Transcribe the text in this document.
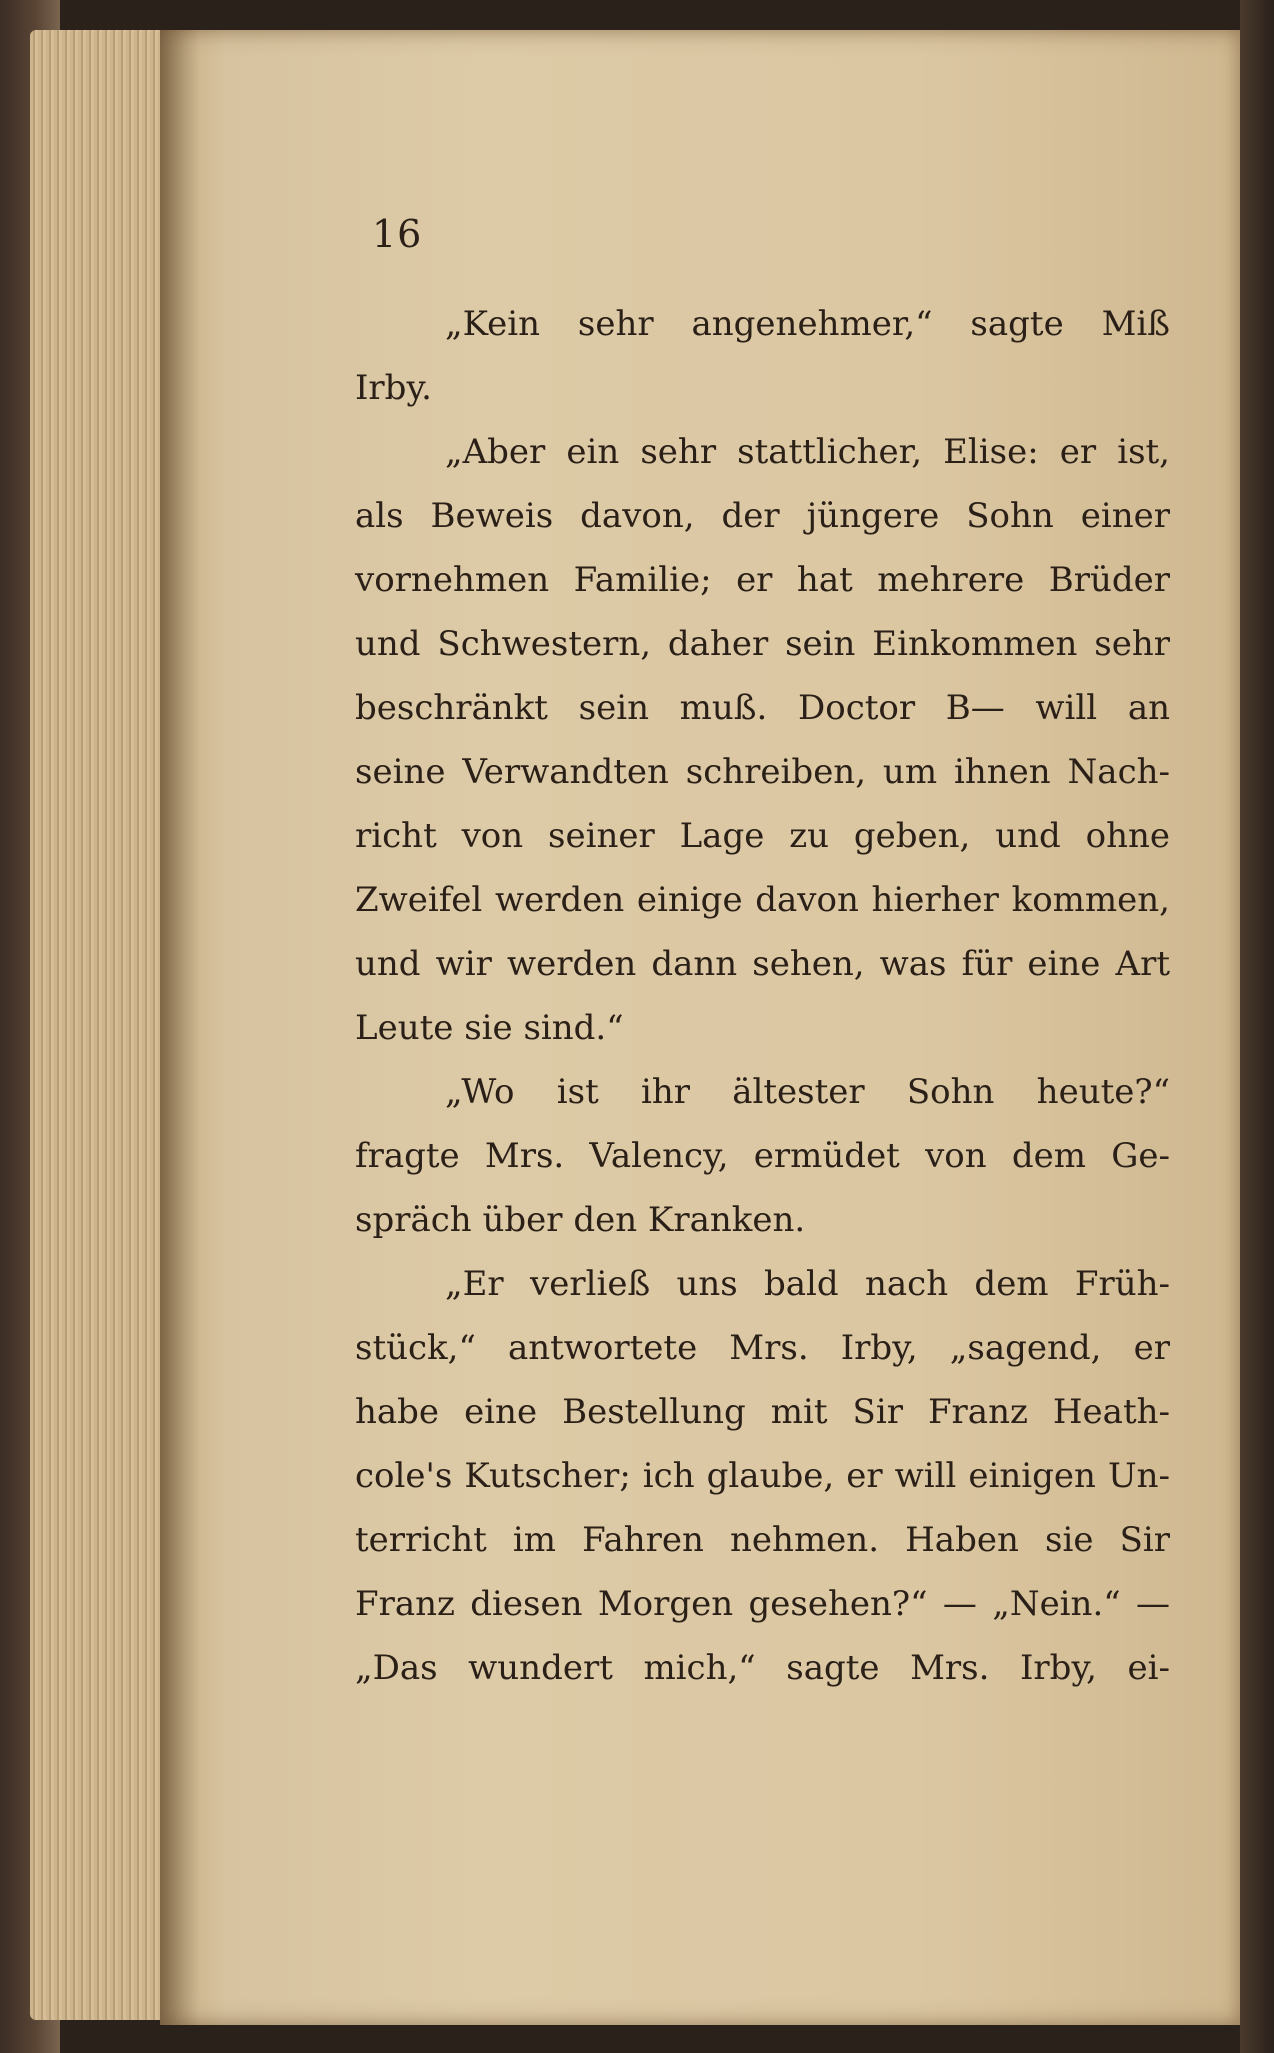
16
„Kein sehr angenehmer,“ sagte Miß
Irby.
„Aber ein sehr stattlicher, Elise: er ist,
als Beweis davon, der jüngere Sohn einer
vornehmen Familie; er hat mehrere Brüder
und Schwestern, daher sein Einkommen sehr
beschränkt sein muß. Doctor B— will an
seine Verwandten schreiben, um ihnen Nach-
richt von seiner Lage zu geben, und ohne
Zweifel werden einige davon hierher kommen,
und wir werden dann sehen, was für eine Art
Leute sie sind.“
„Wo ist ihr ältester Sohn heute?“
fragte Mrs. Valency, ermüdet von dem Ge-
spräch über den Kranken.
„Er verließ uns bald nach dem Früh-
stück,“ antwortete Mrs. Irby, „sagend, er
habe eine Bestellung mit Sir Franz Heath-
cole's Kutscher; ich glaube, er will einigen Un-
terricht im Fahren nehmen. Haben sie Sir
Franz diesen Morgen gesehen?“ — „Nein.“ —
„Das wundert mich,“ sagte Mrs. Irby, ei-
